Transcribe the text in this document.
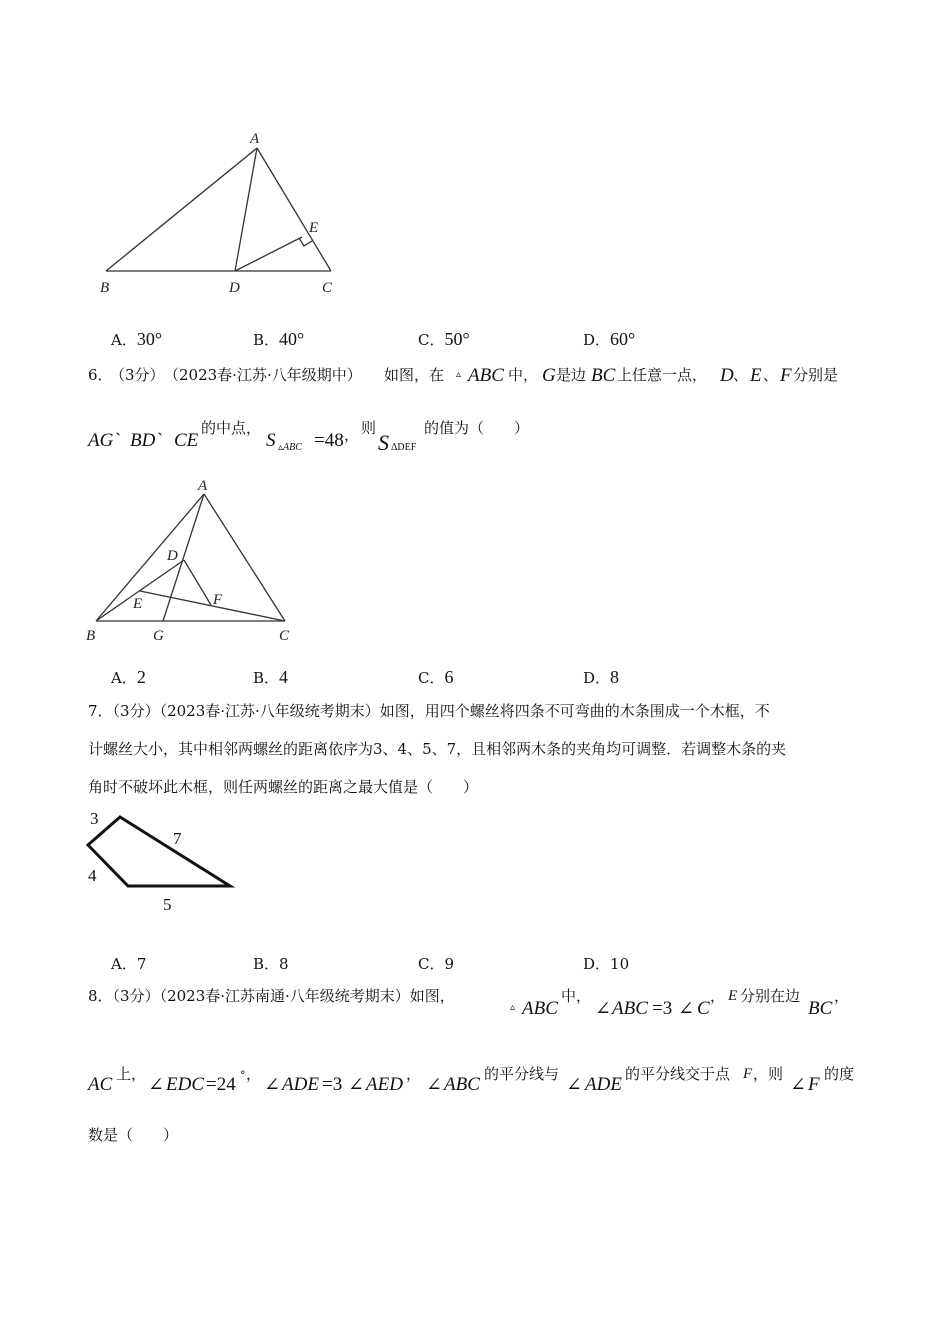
A
E
B	D	C
A．30°	B．40°	C．50°	D．60°
6．
（3分） （2023春·江苏·八年级期中） 如图，在 ▵ ABC 中， G 是边 BC 上任意一点， D 、 E 、 F 分别是
AG` BD` CE
的中点，
S ▵ABC =48 ， 则
S ΔDEF
的值为（　　）
A
D
E	F
B	G	C
A．2	B．4	C．6	D．8
7．（3分）（2023春·江苏·八年级统考期末）如图，用四个螺丝将四条不可弯曲的木条围成一个木框，不
计螺丝大小，其中相邻两螺丝的距离依序为3、4、5、7，且相邻两木条的夹角均可调整．若调整木条的夹
角时不破坏此木框，则任两螺丝的距离之最大值是（　　）
3
7
4
5
A．7	B．8	C．9	D．10
8．（3分）（2023春·江苏南通·八年级统考期末）如图，
▵ ABC
中，
∠ ABC =3 ∠ C
， E 分别在边
BC
，
AC 上，
∠ EDC =24 ° ，
∠ ADE =3 ∠ AED ，
∠ ABC 的平分线与
∠ ADE 的平分线交于点 F ，则
∠ F 的度
数是（　　）
